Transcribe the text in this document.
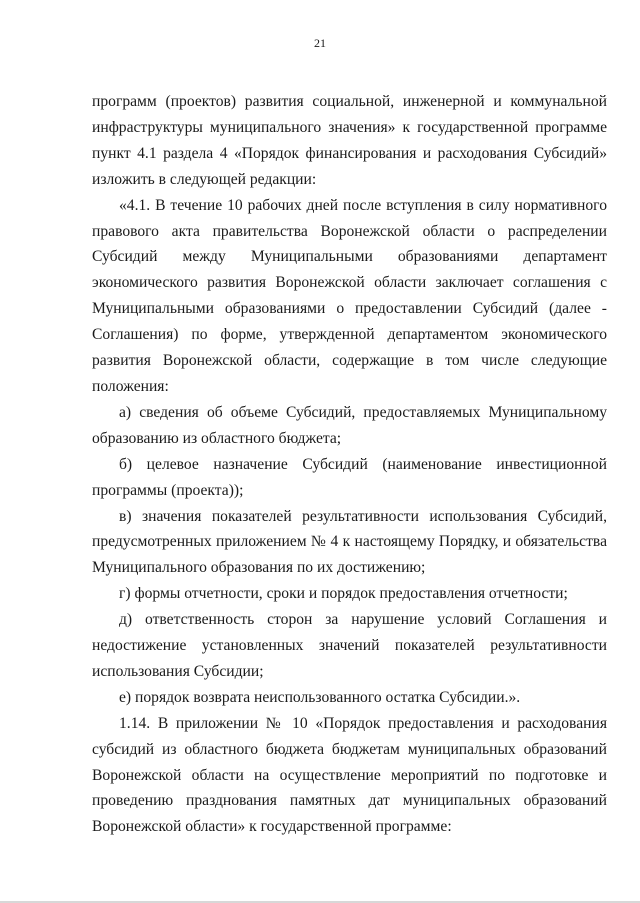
21

программ (проектов) развития социальной, инженерной и коммунальной инфраструктуры муниципального значения» к государственной программе пункт 4.1 раздела 4 «Порядок финансирования и расходования Субсидий» изложить в следующей редакции:

«4.1. В течение 10 рабочих дней после вступления в силу нормативного правового акта правительства Воронежской области о распределении Субсидий между Муниципальными образованиями департамент экономического развития Воронежской области заключает соглашения с Муниципальными образованиями о предоставлении Субсидий (далее - Соглашения) по форме, утвержденной департаментом экономического развития Воронежской области, содержащие в том числе следующие положения:

а) сведения об объеме Субсидий, предоставляемых Муниципальному образованию из областного бюджета;

б) целевое назначение Субсидий (наименование инвестиционной программы (проекта));

в) значения показателей результативности использования Субсидий, предусмотренных приложением № 4 к настоящему Порядку, и обязательства Муниципального образования по их достижению;

г) формы отчетности, сроки и порядок предоставления отчетности;

д) ответственность сторон за нарушение условий Соглашения и недостижение установленных значений показателей результативности использования Субсидии;

е) порядок возврата неиспользованного остатка Субсидии.».

1.14. В приложении № 10 «Порядок предоставления и расходования субсидий из областного бюджета бюджетам муниципальных образований Воронежской области на осуществление мероприятий по подготовке и проведению празднования памятных дат муниципальных образований Воронежской области» к государственной программе:
